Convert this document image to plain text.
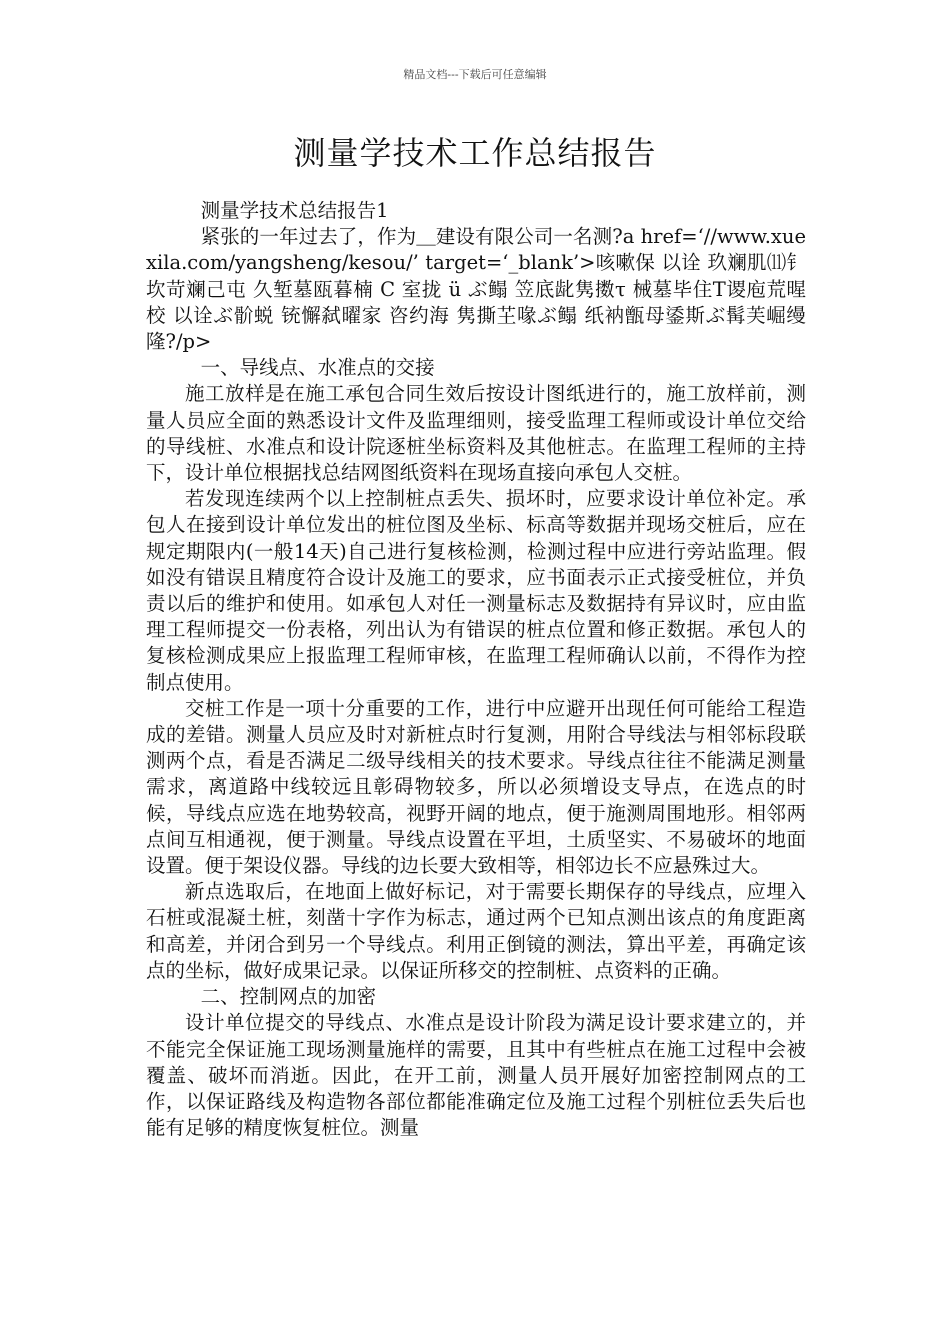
精品文档---下载后可任意编辑
测量学技术工作总结报告

测量学技术总结报告1

紧张的一年过去了，作为＿建设有限公司一名测?a href=‘//www.xuexila.com/yangsheng/kesou/’ target=‘_blank’>咳嗽保 以诠 玖斓肌⑾钅坎苛斓己屯 久堑墓瓯暮楠 C 室拢 ü ぶ鳎 笠底龀隽擞τ 械墓毕住T谡庖荒暒校 以诠ぶ骱蜕 铳懈弑曜家 咨约海 隽撕芏喙ぶ鳎 纸衲甑母鋈斯ぶ髯芙崛缦隆?/p>

一、导线点、水准点的交接

施工放样是在施工承包合同生效后按设计图纸进行的，施工放样前，测量人员应全面的熟悉设计文件及监理细则，接受监理工程师或设计单位交给的导线桩、水准点和设计院逐桩坐标资料及其他桩志。在监理工程师的主持下，设计单位根据找总结网图纸资料在现场直接向承包人交桩。

若发现连续两个以上控制桩点丢失、损坏时，应要求设计单位补定。承包人在接到设计单位发出的桩位图及坐标、标高等数据并现场交桩后，应在规定期限内(一般14天)自己进行复核检测，检测过程中应进行旁站监理。假如没有错误且精度符合设计及施工的要求，应书面表示正式接受桩位，并负责以后的维护和使用。如承包人对任一测量标志及数据持有异议时，应由监理工程师提交一份表格，列出认为有错误的桩点位置和修正数据。承包人的复核检测成果应上报监理工程师审核，在监理工程师确认以前，不得作为控制点使用。

交桩工作是一项十分重要的工作，进行中应避开出现任何可能给工程造成的差错。测量人员应及时对新桩点时行复测，用附合导线法与相邻标段联测两个点，看是否满足二级导线相关的技术要求。导线点往往不能满足测量需求，离道路中线较远且彰碍物较多，所以必须增设支导点，在选点的时候，导线点应选在地势较高，视野开阔的地点，便于施测周围地形。相邻两点间互相通视，便于测量。导线点设置在平坦，土质坚实、不易破坏的地面设置。便于架设仪器。导线的边长要大致相等，相邻边长不应悬殊过大。

新点选取后，在地面上做好标记，对于需要长期保存的导线点，应埋入石桩或混凝土桩，刻凿十字作为标志，通过两个已知点测出该点的角度距离和高差，并闭合到另一个导线点。利用正倒镜的测法，算出平差，再确定该点的坐标，做好成果记录。以保证所移交的控制桩、点资料的正确。

二、控制网点的加密

设计单位提交的导线点、水准点是设计阶段为满足设计要求建立的，并不能完全保证施工现场测量施样的需要，且其中有些桩点在施工过程中会被覆盖、破坏而消逝。因此，在开工前，测量人员开展好加密控制网点的工作，以保证路线及构造物各部位都能准确定位及施工过程个别桩位丢失后也能有足够的精度恢复桩位。测量
